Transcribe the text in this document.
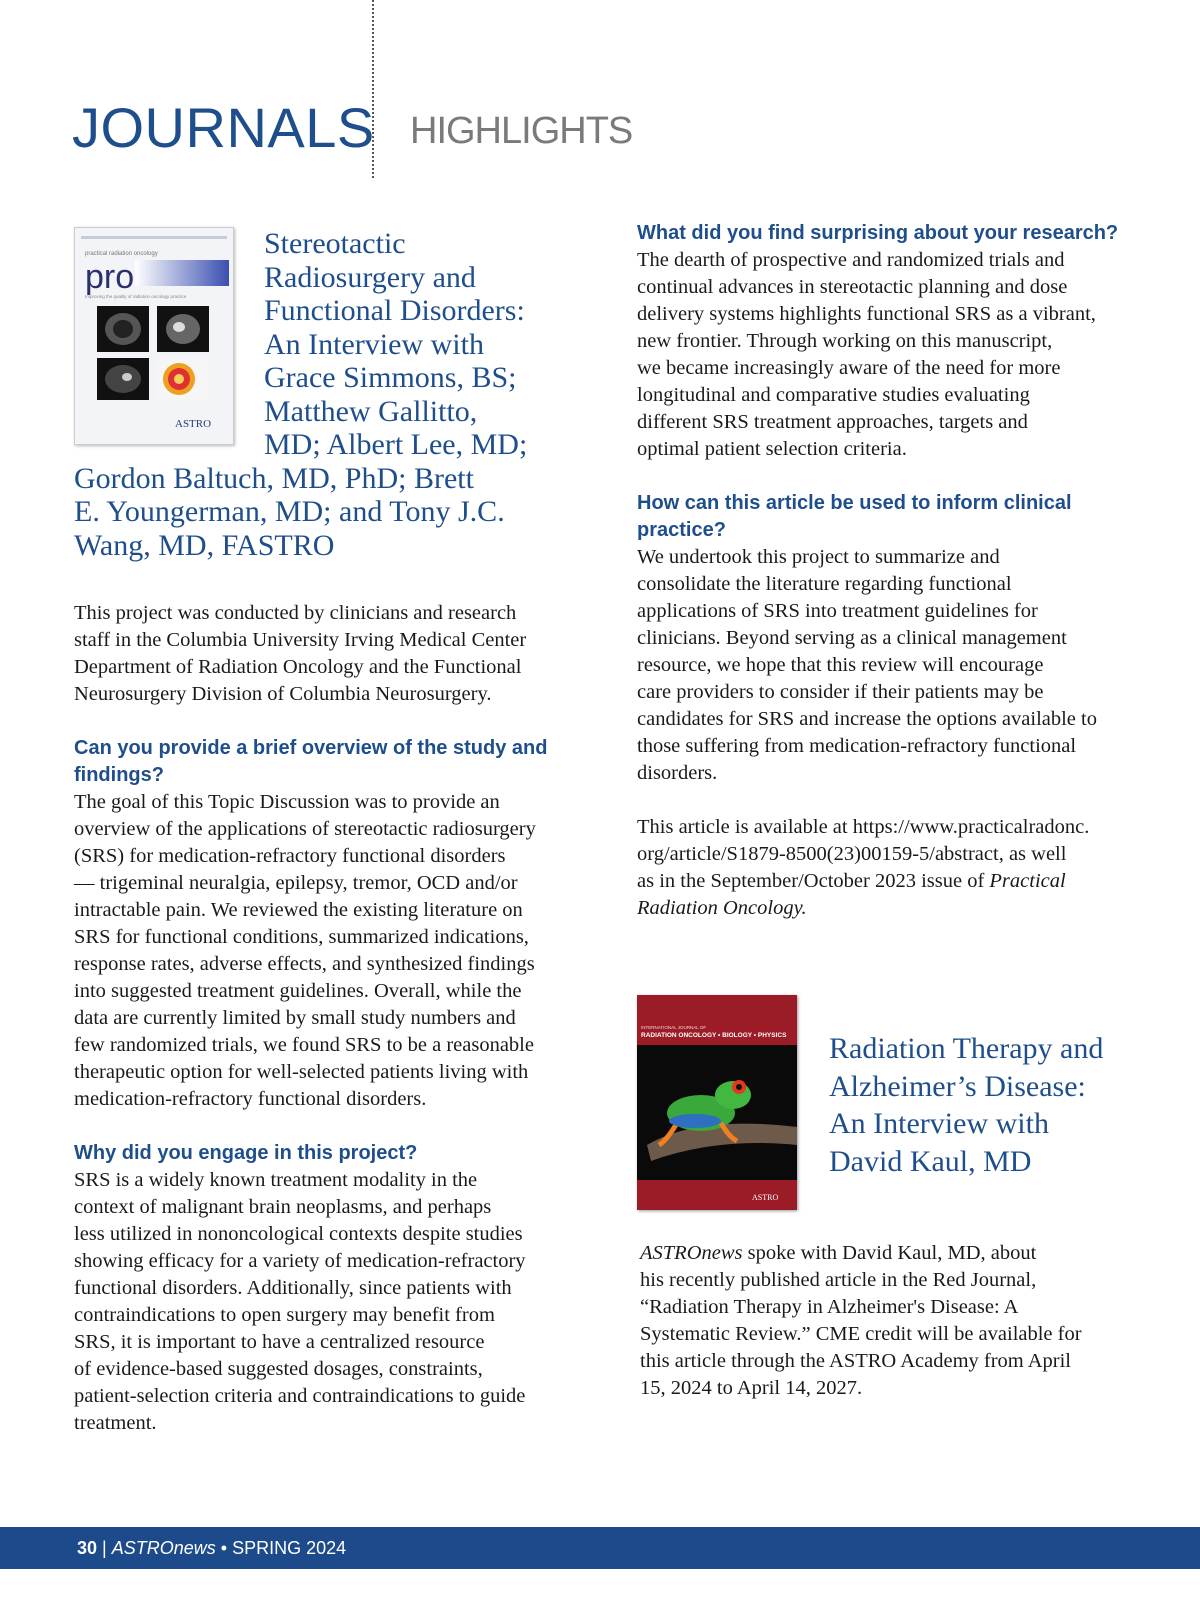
JOURNALS HIGHLIGHTS
practical radiation oncology
pro
Improving the quality of radiation oncology practice
ASTRO
Stereotactic
Radiosurgery and
Functional Disorders:
An Interview with
Grace Simmons, BS;
Matthew Gallitto,
MD; Albert Lee, MD;
Gordon Baltuch, MD, PhD; Brett
E. Youngerman, MD; and Tony J.C.
Wang, MD, FASTRO

This project was conducted by clinicians and research

staff in the Columbia University Irving Medical Center

Department of Radiation Oncology and the Functional

Neurosurgery Division of Columbia Neurosurgery.

Can you provide a brief overview of the study and

findings?

The goal of this Topic Discussion was to provide an

overview of the applications of stereotactic radiosurgery

(SRS) for medication-refractory functional disorders

— trigeminal neuralgia, epilepsy, tremor, OCD and/or

intractable pain. We reviewed the existing literature on

SRS for functional conditions, summarized indications,

response rates, adverse effects, and synthesized findings

into suggested treatment guidelines. Overall, while the

data are currently limited by small study numbers and

few randomized trials, we found SRS to be a reasonable

therapeutic option for well-selected patients living with

medication-refractory functional disorders.

Why did you engage in this project?

SRS is a widely known treatment modality in the

context of malignant brain neoplasms, and perhaps

less utilized in nononcological contexts despite studies

showing efficacy for a variety of medication-refractory

functional disorders. Additionally, since patients with

contraindications to open surgery may benefit from

SRS, it is important to have a centralized resource

of evidence-based suggested dosages, constraints,

patient-selection criteria and contraindications to guide

treatment.

What did you find surprising about your research?

The dearth of prospective and randomized trials and

continual advances in stereotactic planning and dose

delivery systems highlights functional SRS as a vibrant,

new frontier. Through working on this manuscript,

we became increasingly aware of the need for more

longitudinal and comparative studies evaluating

different SRS treatment approaches, targets and

optimal patient selection criteria.

How can this article be used to inform clinical

practice?

We undertook this project to summarize and

consolidate the literature regarding functional

applications of SRS into treatment guidelines for

clinicians. Beyond serving as a clinical management

resource, we hope that this review will encourage

care providers to consider if their patients may be

candidates for SRS and increase the options available to

those suffering from medication-refractory functional

disorders.

This article is available at https://www.practicalradonc.

org/article/S1879-8500(23)00159-5/abstract, as well

as in the September/October 2023 issue of Practical

Radiation Oncology.

INTERNATIONAL JOURNAL OF
RADIATION ONCOLOGY • BIOLOGY • PHYSICS
ASTRO
Radiation Therapy and
Alzheimer’s Disease:
An Interview with
David Kaul, MD

ASTROnews spoke with David Kaul, MD, about

his recently published article in the Red Journal,

“Radiation Therapy in Alzheimer's Disease: A

Systematic Review.” CME credit will be available for

this article through the ASTRO Academy from April

15, 2024 to April 14, 2027.

30 | ASTROnews • SPRING 2024
